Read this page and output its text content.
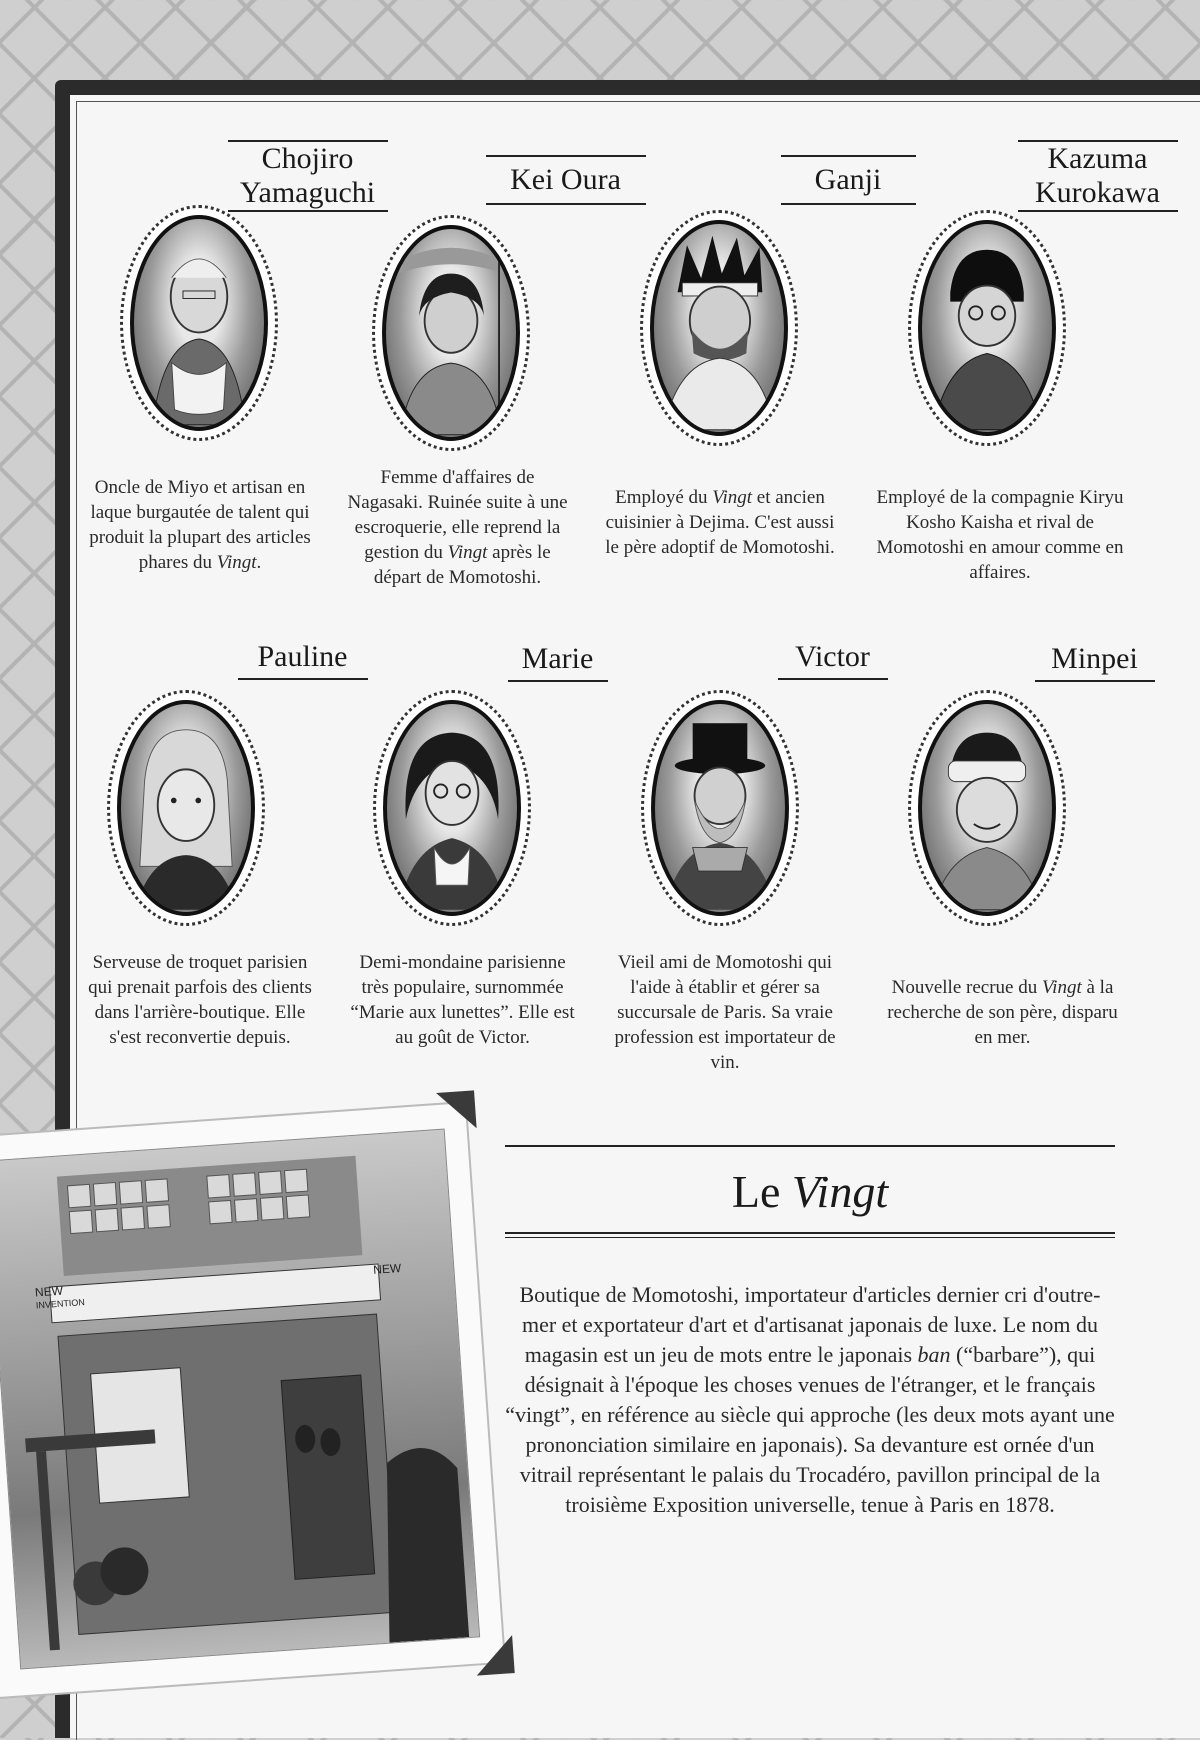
Chojiro
Yamaguchi
Oncle de Miyo et artisan en laque burgautée de talent qui produit la plupart des articles phares du Vingt.
Kei Oura
Femme d'affaires de Nagasaki. Ruinée suite à une escroquerie, elle reprend la gestion du Vingt après le départ de Momotoshi.
Ganji
Employé du Vingt et ancien cuisinier à Dejima. C'est aussi le père adoptif de Momotoshi.
Kazuma
Kurokawa
Employé de la compagnie Kiryu Kosho Kaisha et rival de Momotoshi en amour comme en affaires.
Pauline
Serveuse de troquet parisien qui prenait parfois des clients dans l'arrière-boutique. Elle s'est reconvertie depuis.
Marie
Demi-mondaine parisienne très populaire, surnommée “Marie aux lunettes”. Elle est au goût de Victor.
Victor
Vieil ami de Momotoshi qui l'aide à établir et gérer sa succursale de Paris. Sa vraie profession est importateur de vin.
Minpei
Nouvelle recrue du Vingt à la recherche de son père, disparu en mer.
NEW
INVENTION
NEW
Le Vingt
Boutique de Momotoshi, importateur d'articles dernier cri d'outre-mer et exportateur d'art et d'artisanat japonais de luxe. Le nom du magasin est un jeu de mots entre le japonais ban (“barbare”), qui désignait à l'époque les choses venues de l'étranger, et le français “vingt”, en référence au siècle qui approche (les deux mots ayant une prononciation similaire en japonais). Sa devanture est ornée d'un vitrail représentant le palais du Trocadéro, pavillon principal de la troisième Exposition universelle, tenue à Paris en 1878.
